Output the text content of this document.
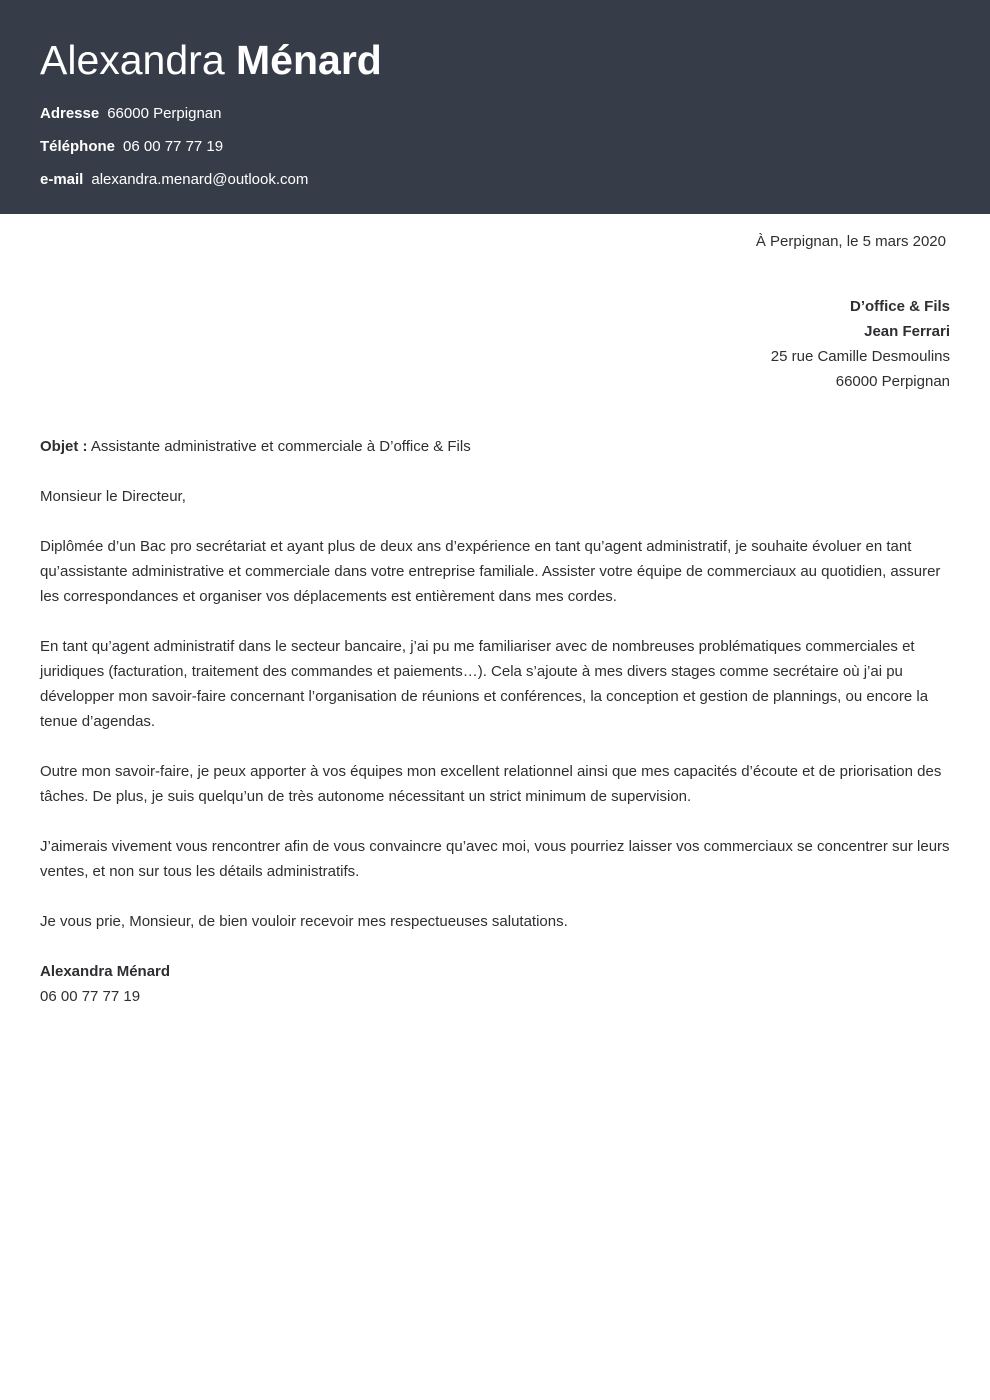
Alexandra Ménard
Adresse 66000 Perpignan
Téléphone 06 00 77 77 19
e-mail alexandra.menard@outlook.com
À Perpignan, le 5 mars 2020
D’office & Fils
Jean Ferrari
25 rue Camille Desmoulins
66000 Perpignan
Objet : Assistante administrative et commerciale à D’office & Fils

Monsieur le Directeur,

Diplômée d’un Bac pro secrétariat et ayant plus de deux ans d’expérience en tant qu’agent administratif, je souhaite évoluer en tant qu’assistante administrative et commerciale dans votre entreprise familiale. Assister votre équipe de commerciaux au quotidien, assurer les correspondances et organiser vos déplacements est entièrement dans mes cordes.

En tant qu’agent administratif dans le secteur bancaire, j’ai pu me familiariser avec de nombreuses problématiques commerciales et juridiques (facturation, traitement des commandes et paiements…). Cela s’ajoute à mes divers stages comme secrétaire où j’ai pu développer mon savoir-faire concernant l’organisation de réunions et conférences, la conception et gestion de plannings, ou encore la tenue d’agendas.

Outre mon savoir-faire, je peux apporter à vos équipes mon excellent relationnel ainsi que mes capacités d’écoute et de priorisation des tâches. De plus, je suis quelqu’un de très autonome nécessitant un strict minimum de supervision.

J’aimerais vivement vous rencontrer afin de vous convaincre qu’avec moi, vous pourriez laisser vos commerciaux se concentrer sur leurs ventes, et non sur tous les détails administratifs.

Je vous prie, Monsieur, de bien vouloir recevoir mes respectueuses salutations.

Alexandra Ménard
06 00 77 77 19
